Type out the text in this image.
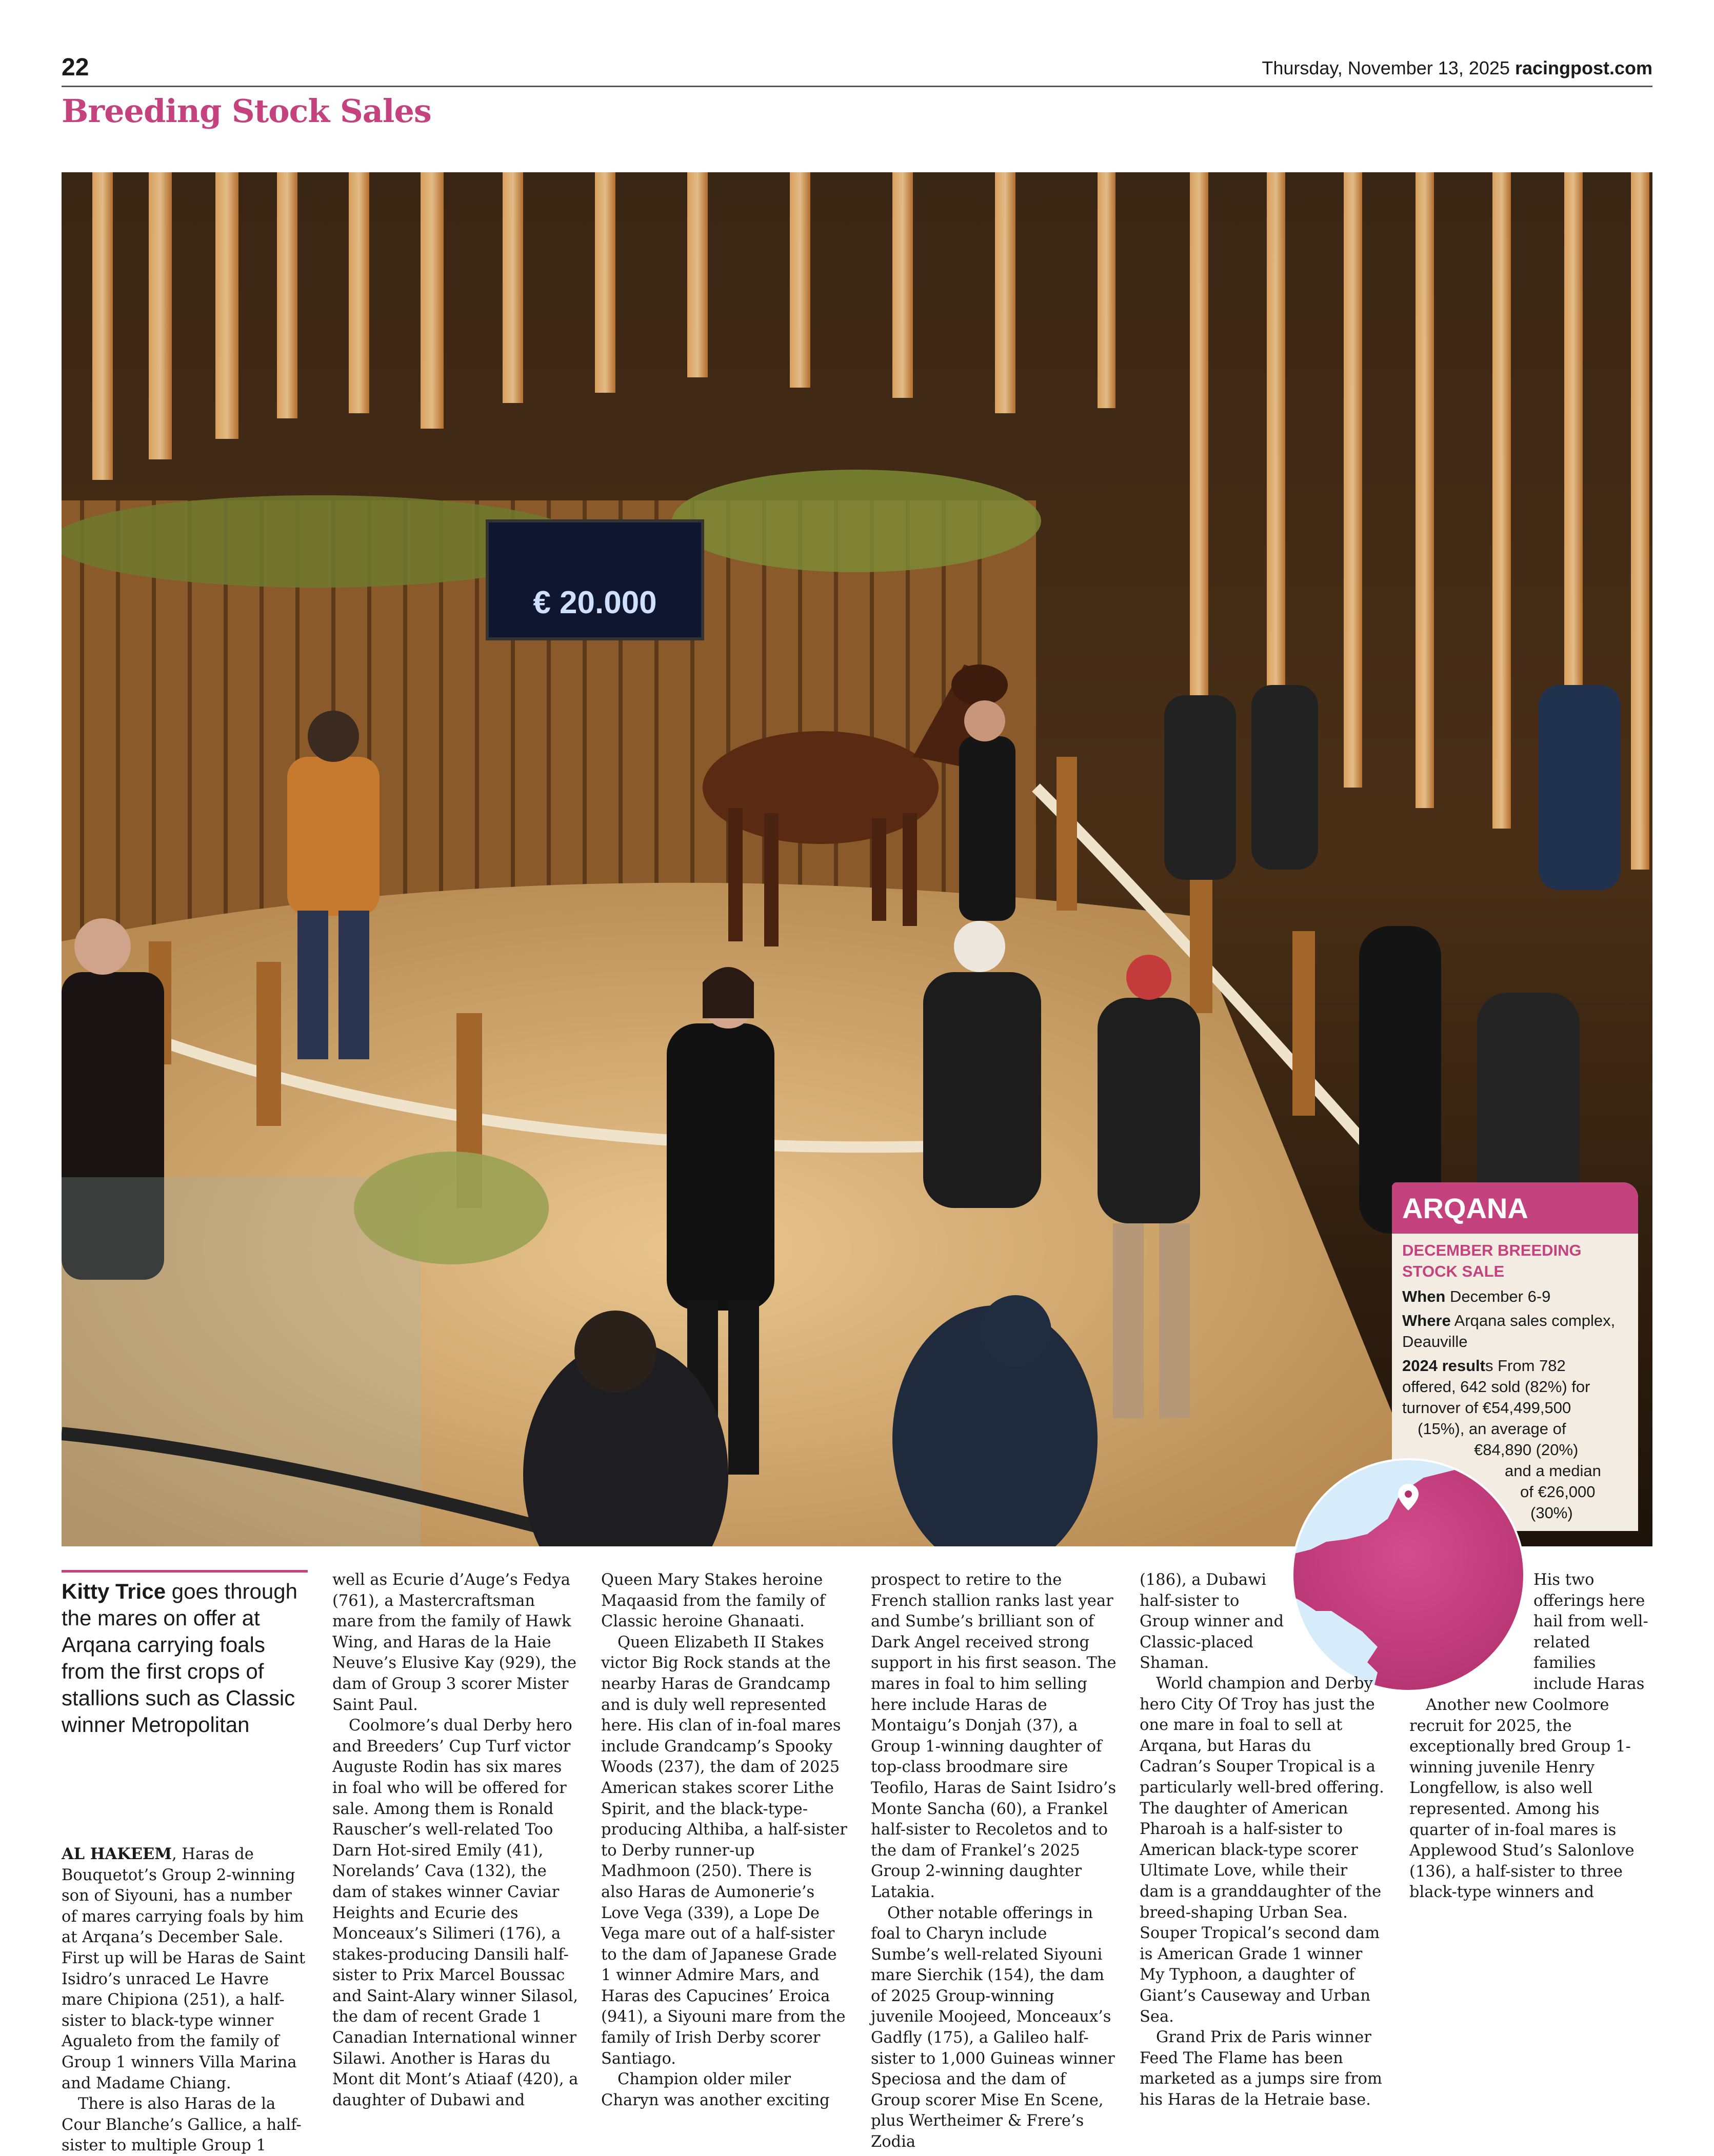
22	Thursday, November 13, 2025 racingpost.com
Breeding Stock Sales
€ 20.000
ARQANA
DECEMBER BREEDING STOCK SALE
When December 6-9
Where Arqana sales complex, Deauville
2024 results From 782
offered, 642 sold (82%) for
turnover of €54,499,500
(15%), an average of
€84,890 (20%)
and a median
of €26,000
(30%)
Kitty Trice goes through the mares on offer at Arqana carrying foals from the first crops of stallions such as Classic winner Metropolitan

AL HAKEEM, Haras de Bouquetot’s Group 2-winning son of Siyouni, has a number of mares carrying foals by him at Arqana’s December Sale. First up will be Haras de Saint Isidro’s unraced Le Havre mare Chipiona (251), a half-sister to black-type winner Agualeto from the family of Group 1 winners Villa Marina and Madame Chiang.

There is also Haras de la Cour Blanche’s Gallice, a half-sister to multiple Group 1

well as Ecurie d’Auge’s Fedya (761), a Mastercraftsman mare from the family of Hawk Wing, and Haras de la Haie Neuve’s Elusive Kay (929), the dam of Group 3 scorer Mister Saint Paul.

Coolmore’s dual Derby hero and Breeders’ Cup Turf victor Auguste Rodin has six mares in foal who will be offered for sale. Among them is Ronald Rauscher’s well-related Too Darn Hot-sired Emily (41), Norelands’ Cava (132), the dam of stakes winner Caviar Heights and Ecurie des Monceaux’s Silimeri (176), a stakes-producing Dansili half-sister to Prix Marcel Boussac and Saint-Alary winner Silasol, the dam of recent Grade 1 Canadian International winner Silawi. Another is Haras du Mont dit Mont’s Atiaaf (420), a daughter of Dubawi and

Queen Mary Stakes heroine Maqaasid from the family of Classic heroine Ghanaati.

Queen Elizabeth II Stakes victor Big Rock stands at the nearby Haras de Grandcamp and is duly well represented here. His clan of in-foal mares include Grandcamp’s Spooky Woods (237), the dam of 2025 American stakes scorer Lithe Spirit, and the black-type-producing Althiba, a half-sister to Derby runner-up Madhmoon (250). There is also Haras de Aumonerie’s Love Vega (339), a Lope De Vega mare out of a half-sister to the dam of Japanese Grade 1 winner Admire Mars, and Haras des Capucines’ Eroica (941), a Siyouni mare from the family of Irish Derby scorer Santiago.

Champion older miler Charyn was another exciting

prospect to retire to the French stallion ranks last year and Sumbe’s brilliant son of Dark Angel received strong support in his first season. The mares in foal to him selling here include Haras de Montaigu’s Donjah (37), a Group 1-winning daughter of top-class broodmare sire Teofilo, Haras de Saint Isidro’s Monte Sancha (60), a Frankel half-sister to Recoletos and to the dam of Frankel’s 2025 Group 2-winning daughter Latakia.

Other notable offerings in foal to Charyn include Sumbe’s well-related Siyouni mare Sierchik (154), the dam of 2025 Group-winning juvenile Moojeed, Monceaux’s Gadfly (175), a Galileo half-sister to 1,000 Guineas winner Speciosa and the dam of Group scorer Mise En Scene, plus Wertheimer & Frere’s Zodia

(186), a Dubawi half-sister to Group winner and Classic-placed Shaman.

World champion and Derby hero City Of Troy has just the one mare in foal to sell at Arqana, but Haras du Cadran’s Souper Tropical is a particularly well-bred offering. The daughter of American Pharoah is a half-sister to American black-type scorer Ultimate Love, while their dam is a granddaughter of the breed-shaping Urban Sea. Souper Tropical’s second dam is American Grade 1 winner My Typhoon, a daughter of Giant’s Causeway and Urban Sea.

Grand Prix de Paris winner Feed The Flame has been marketed as a jumps sire from his Haras de la Hetraie base.

His two offerings here hail from well-related families include Haras

Another new Coolmore recruit for 2025, the exceptionally bred Group 1-winning juvenile Henry Longfellow, is also well represented. Among his quarter of in-foal mares is Applewood Stud’s Salonlove (136), a half-sister to three black-type winners and
